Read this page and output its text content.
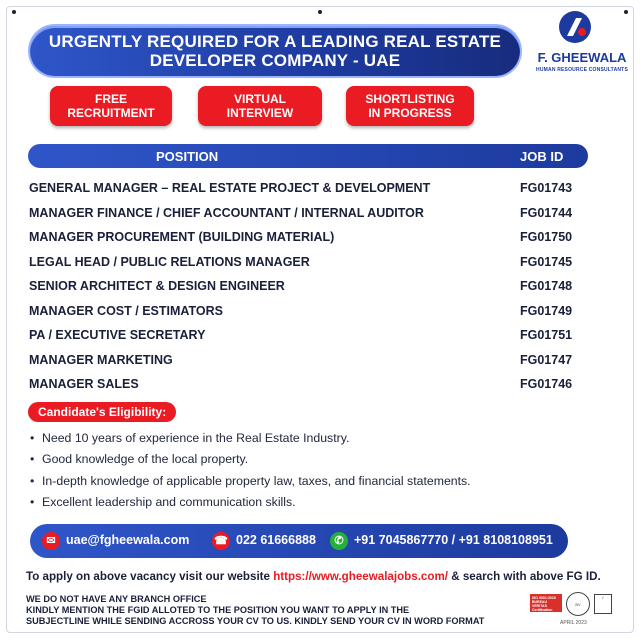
URGENTLY REQUIRED FOR A LEADING REAL ESTATE
DEVELOPER COMPANY - UAE	F. GHEEWALA
HUMAN RESOURCE CONSULTANTS
FREE
RECRUITMENT
VIRTUAL
INTERVIEW
SHORTLISTING
IN PROGRESS
POSITION	JOB ID
GENERAL MANAGER – REAL ESTATE PROJECT & DEVELOPMENT	FG01743
MANAGER FINANCE / CHIEF ACCOUNTANT / INTERNAL AUDITOR	FG01744
MANAGER PROCUREMENT (BUILDING MATERIAL)	FG01750
LEGAL HEAD / PUBLIC RELATIONS MANAGER	FG01745
SENIOR ARCHITECT & DESIGN ENGINEER	FG01748
MANAGER COST / ESTIMATORS	FG01749
PA / EXECUTIVE SECRETARY	FG01751
MANAGER MARKETING	FG01747
MANAGER SALES	FG01746
Candidate's Eligibility:
• Need 10 years of experience in the Real Estate Industry.
• Good knowledge of the local property.
• In-depth knowledge of applicable property law, taxes, and financial statements.
• Excellent leadership and communication skills.
✉ uae@fgheewala.com ☎ 022 61666888	✆ +91 7045867770 / +91 8108108951
To apply on above vacancy visit our website https://www.gheewalajobs.com/ & search with above FG ID.
WE DO NOT HAVE ANY BRANCH OFFICE
KINDLY MENTION THE FGID ALLOTED TO THE POSITION YOU WANT TO APPLY IN THE
SUBJECTLINE WHILE SENDING ACCROSS YOUR CV TO US. KINDLY SEND YOUR CV IN WORD FORMAT
ISO 9001:2015 BUREAU VERITAS Certification
BV
✓
APRIL 2023
